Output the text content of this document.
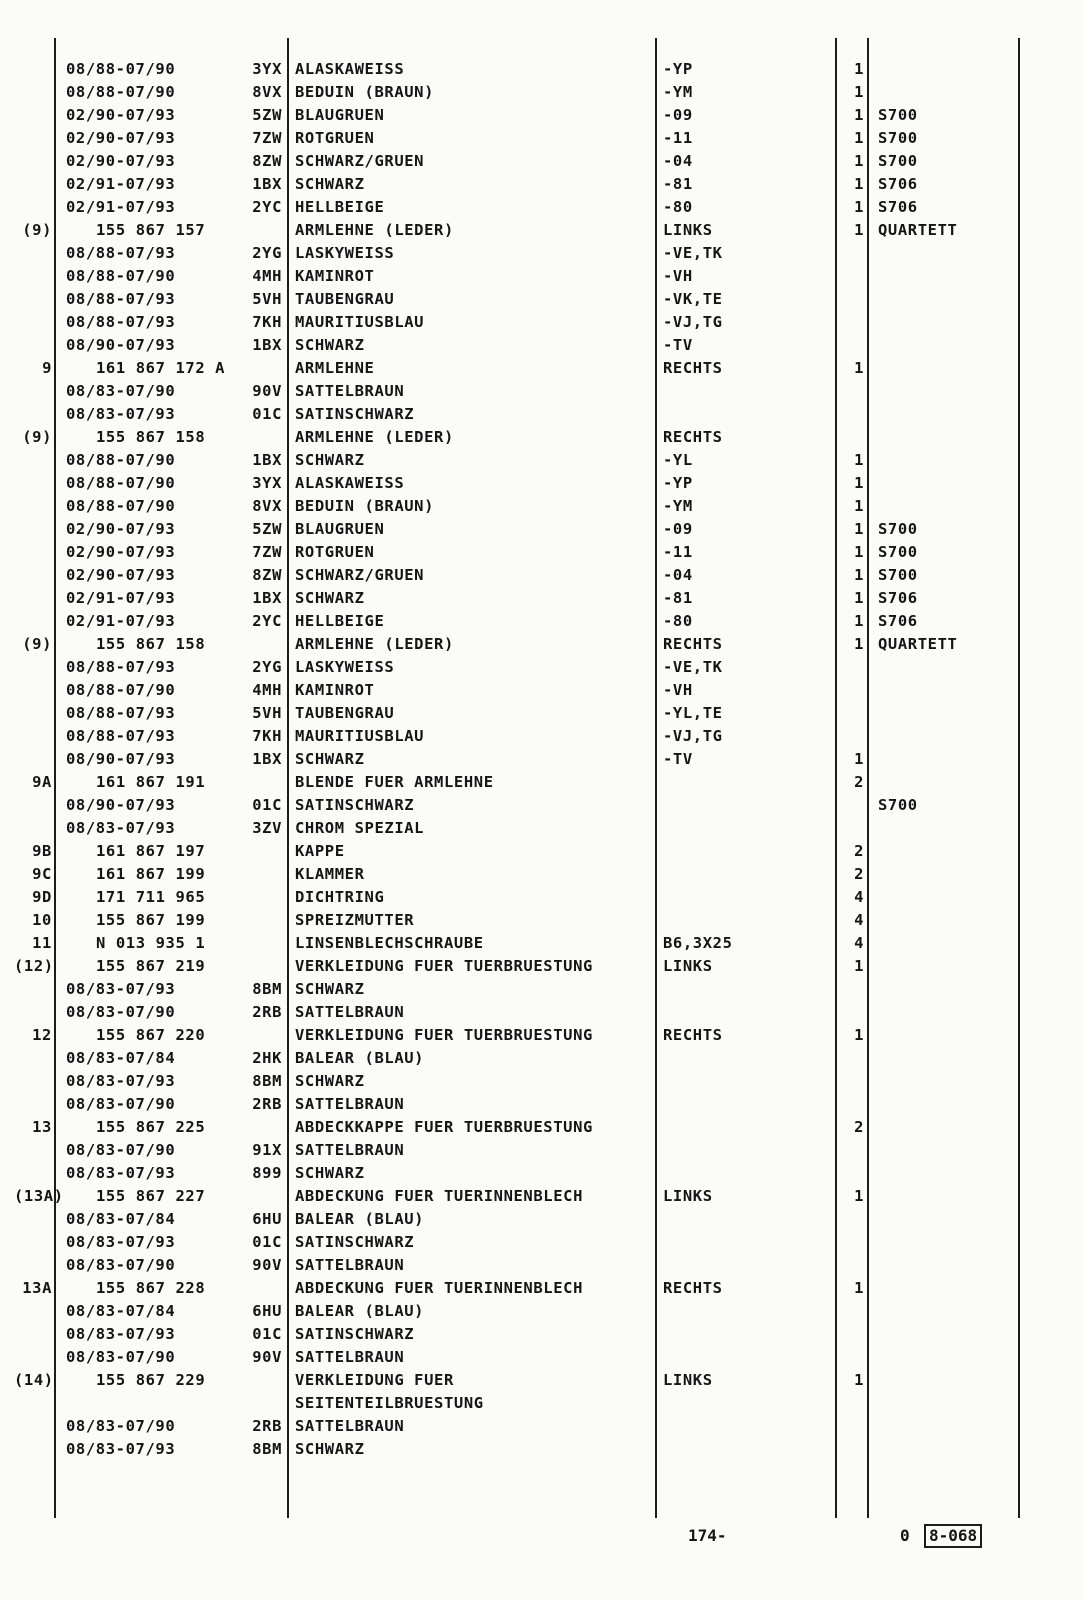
08/88-07/90	3YX ALASKAWEISS	-YP	1
08/88-07/90	8VX BEDUIN (BRAUN)	-YM	1
02/90-07/93	5ZW BLAUGRUEN	-09	1 S700
02/90-07/93	7ZW ROTGRUEN	-11	1 S700
02/90-07/93	8ZW SCHWARZ/GRUEN	-04	1 S700
02/91-07/93	1BX SCHWARZ	-81	1 S706
02/91-07/93	2YC HELLBEIGE	-80	1 S706
(9)	155 867 157	ARMLEHNE (LEDER)	LINKS	1 QUARTETT
08/88-07/93	2YG LASKYWEISS	-VE,TK
08/88-07/90	4MH KAMINROT	-VH
08/88-07/93	5VH TAUBENGRAU	-VK,TE
08/88-07/93	7KH MAURITIUSBLAU	-VJ,TG
08/90-07/93	1BX SCHWARZ	-TV
9	161 867 172 A	ARMLEHNE	RECHTS	1
08/83-07/90	90V SATTELBRAUN
08/83-07/93	01C SATINSCHWARZ
(9)	155 867 158	ARMLEHNE (LEDER)	RECHTS
08/88-07/90	1BX SCHWARZ	-YL	1
08/88-07/90	3YX ALASKAWEISS	-YP	1
08/88-07/90	8VX BEDUIN (BRAUN)	-YM	1
02/90-07/93	5ZW BLAUGRUEN	-09	1 S700
02/90-07/93	7ZW ROTGRUEN	-11	1 S700
02/90-07/93	8ZW SCHWARZ/GRUEN	-04	1 S700
02/91-07/93	1BX SCHWARZ	-81	1 S706
02/91-07/93	2YC HELLBEIGE	-80	1 S706
(9)	155 867 158	ARMLEHNE (LEDER)	RECHTS	1 QUARTETT
08/88-07/93	2YG LASKYWEISS	-VE,TK
08/88-07/90	4MH KAMINROT	-VH
08/88-07/93	5VH TAUBENGRAU	-YL,TE
08/88-07/93	7KH MAURITIUSBLAU	-VJ,TG
08/90-07/93	1BX SCHWARZ	-TV	1
9A	161 867 191	BLENDE FUER ARMLEHNE	2
08/90-07/93	01C SATINSCHWARZ	S700
08/83-07/93	3ZV CHROM SPEZIAL
9B	161 867 197	KAPPE	2
9C	161 867 199	KLAMMER	2
9D	171 711 965	DICHTRING	4
10	155 867 199	SPREIZMUTTER	4
11	N 013 935 1	LINSENBLECHSCHRAUBE	B6,3X25	4
(12)	155 867 219	VERKLEIDUNG FUER TUERBRUESTUNG	LINKS	1
08/83-07/93	8BM SCHWARZ
08/83-07/90	2RB SATTELBRAUN
12	155 867 220	VERKLEIDUNG FUER TUERBRUESTUNG	RECHTS	1
08/83-07/84	2HK BALEAR (BLAU)
08/83-07/93	8BM SCHWARZ
08/83-07/90	2RB SATTELBRAUN
13	155 867 225	ABDECKKAPPE FUER TUERBRUESTUNG	2
08/83-07/90	91X SATTELBRAUN
08/83-07/93	899 SCHWARZ
(13A) 155 867 227	ABDECKUNG FUER TUERINNENBLECH	LINKS	1
08/83-07/84	6HU BALEAR (BLAU)
08/83-07/93	01C SATINSCHWARZ
08/83-07/90	90V SATTELBRAUN
13A	155 867 228	ABDECKUNG FUER TUERINNENBLECH	RECHTS	1
08/83-07/84	6HU BALEAR (BLAU)
08/83-07/93	01C SATINSCHWARZ
08/83-07/90	90V SATTELBRAUN
(14)	155 867 229	VERKLEIDUNG FUER	LINKS	1
SEITENTEILBRUESTUNG
08/83-07/90	2RB SATTELBRAUN
08/83-07/93	8BM SCHWARZ
174-	0	8-068
